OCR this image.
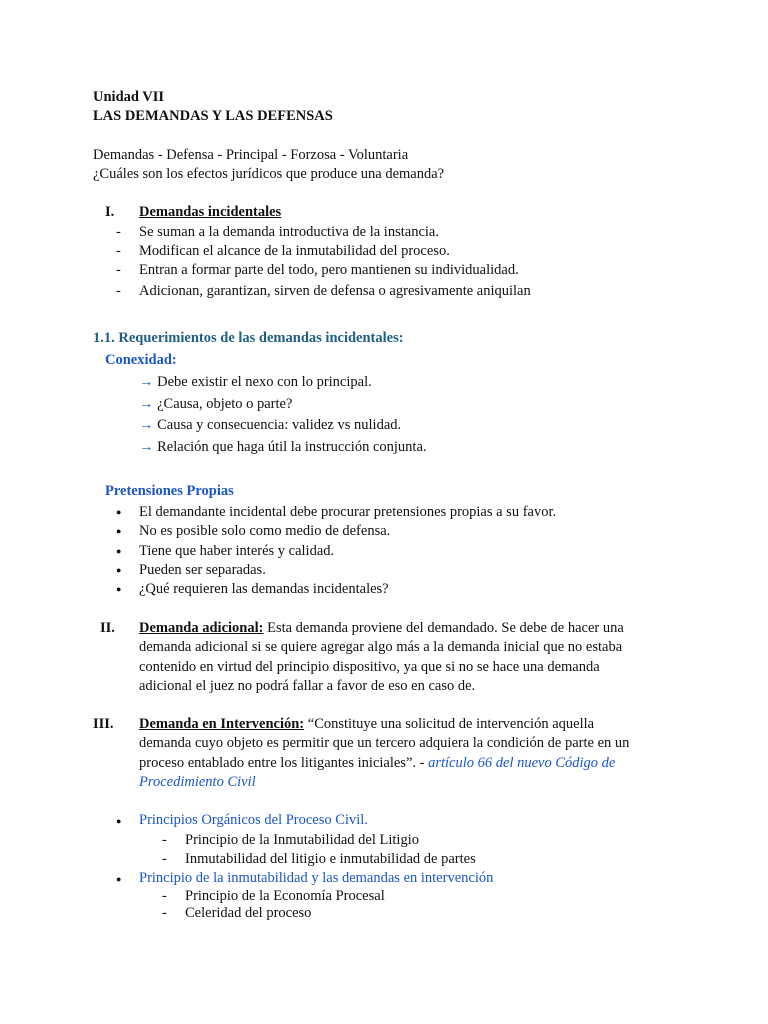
Unidad VII
LAS DEMANDAS Y LAS DEFENSAS
Demandas - Defensa - Principal - Forzosa - Voluntaria
¿Cuáles son los efectos jurídicos que produce una demanda?
I. Demandas incidentales
-	Se suman a la demanda introductiva de la instancia.
-	Modifican el alcance de la inmutabilidad del proceso.
-	Entran a formar parte del todo, pero mantienen su individualidad.
-	Adicionan, garantizan, sirven de defensa o agresivamente aniquilan
1.1. Requerimientos de las demandas incidentales:
Conexidad:
→ Debe existir el nexo con lo principal.
→ ¿Causa, objeto o parte?
→ Causa y consecuencia: validez vs nulidad.
→ Relación que haga útil la instrucción conjunta.
Pretensiones Propias
● El demandante incidental debe procurar pretensiones propias a su favor.
● No es posible solo como medio de defensa.
● Tiene que haber interés y calidad.
● Pueden ser separadas.
● ¿Qué requieren las demandas incidentales?
II. Demanda adicional: Esta demanda proviene del demandado. Se debe de hacer una
demanda adicional si se quiere agregar algo más a la demanda inicial que no estaba
contenido en virtud del principio dispositivo, ya que si no se hace una demanda
adicional el juez no podrá fallar a favor de eso en caso de.
III. Demanda en Intervención: “Constituye una solicitud de intervención aquella
demanda cuyo objeto es permitir que un tercero adquiera la condición de parte en un
proceso entablado entre los litigantes iniciales”. - artículo 66 del nuevo Código de
Procedimiento Civil
● Principios Orgánicos del Proceso Civil.
-	Principio de la Inmutabilidad del Litigio
-	Inmutabilidad del litigio e inmutabilidad de partes
● Principio de la inmutabilidad y las demandas en intervención
-	Principio de la Economía Procesal
-	Celeridad del proceso
